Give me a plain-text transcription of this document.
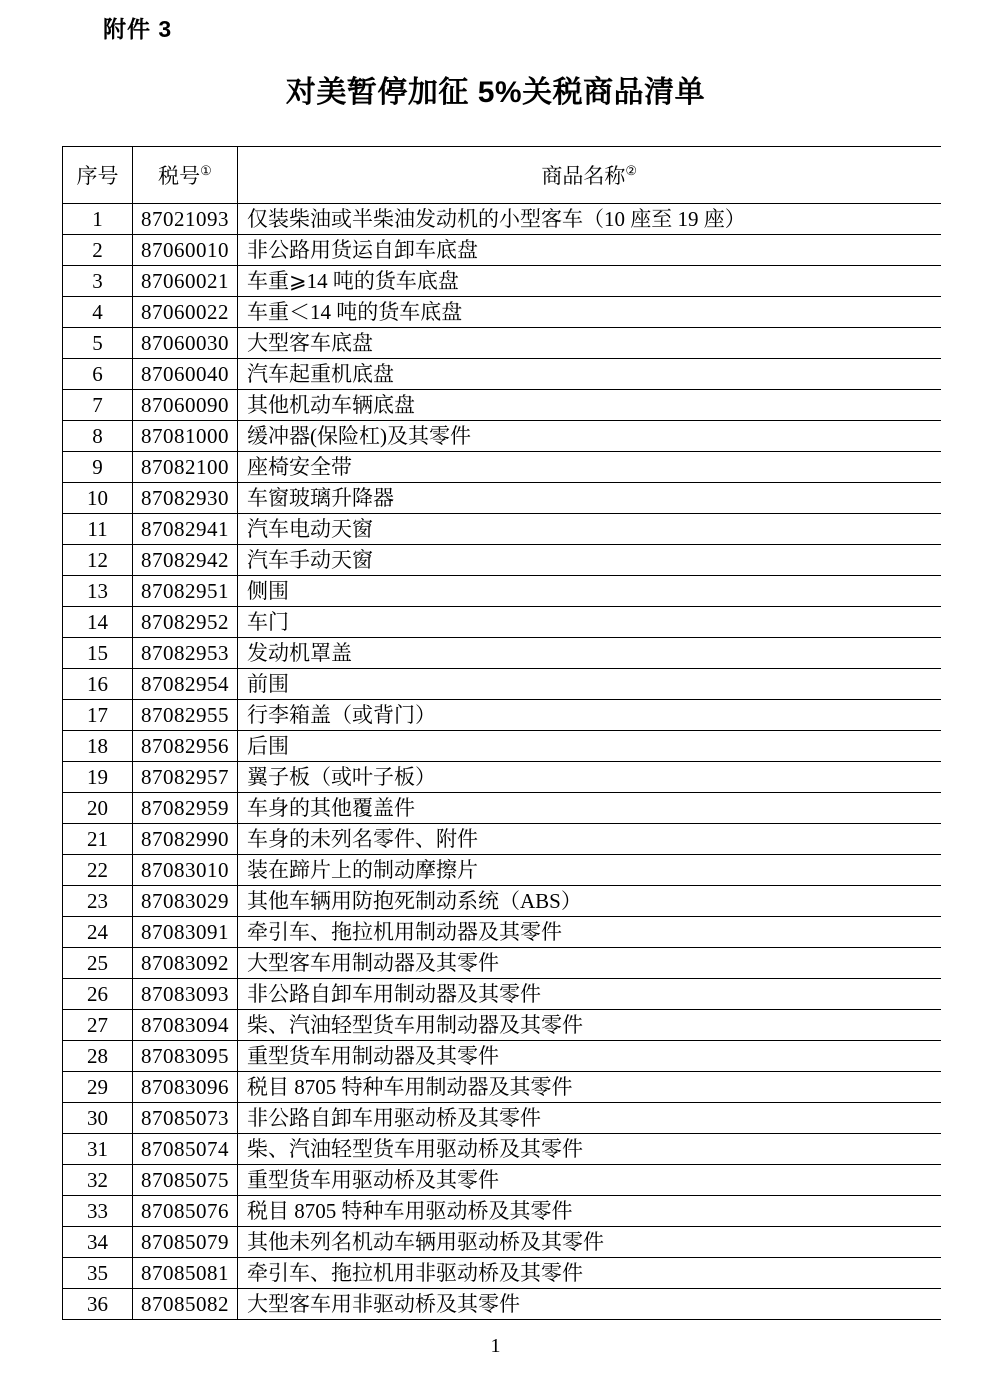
附件 3
对美暂停加征 5%关税商品清单
序号	税号①	商品名称②
1	87021093	仅装柴油或半柴油发动机的小型客车（10 座至 19 座）
2	87060010	非公路用货运自卸车底盘
3	87060021	车重⩾14 吨的货车底盘
4	87060022	车重＜14 吨的货车底盘
5	87060030	大型客车底盘
6	87060040	汽车起重机底盘
7	87060090	其他机动车辆底盘
8	87081000	缓冲器(保险杠)及其零件
9	87082100	座椅安全带
10	87082930	车窗玻璃升降器
11	87082941	汽车电动天窗
12	87082942	汽车手动天窗
13	87082951	侧围
14	87082952	车门
15	87082953	发动机罩盖
16	87082954	前围
17	87082955	行李箱盖（或背门）
18	87082956	后围
19	87082957	翼子板（或叶子板）
20	87082959	车身的其他覆盖件
21	87082990	车身的未列名零件、附件
22	87083010	装在蹄片上的制动摩擦片
23	87083029	其他车辆用防抱死制动系统（ABS）
24	87083091	牵引车、拖拉机用制动器及其零件
25	87083092	大型客车用制动器及其零件
26	87083093	非公路自卸车用制动器及其零件
27	87083094	柴、汽油轻型货车用制动器及其零件
28	87083095	重型货车用制动器及其零件
29	87083096	税目 8705 特种车用制动器及其零件
30	87085073	非公路自卸车用驱动桥及其零件
31	87085074	柴、汽油轻型货车用驱动桥及其零件
32	87085075	重型货车用驱动桥及其零件
33	87085076	税目 8705 特种车用驱动桥及其零件
34	87085079	其他未列名机动车辆用驱动桥及其零件
35	87085081	牵引车、拖拉机用非驱动桥及其零件
36	87085082	大型客车用非驱动桥及其零件
1
